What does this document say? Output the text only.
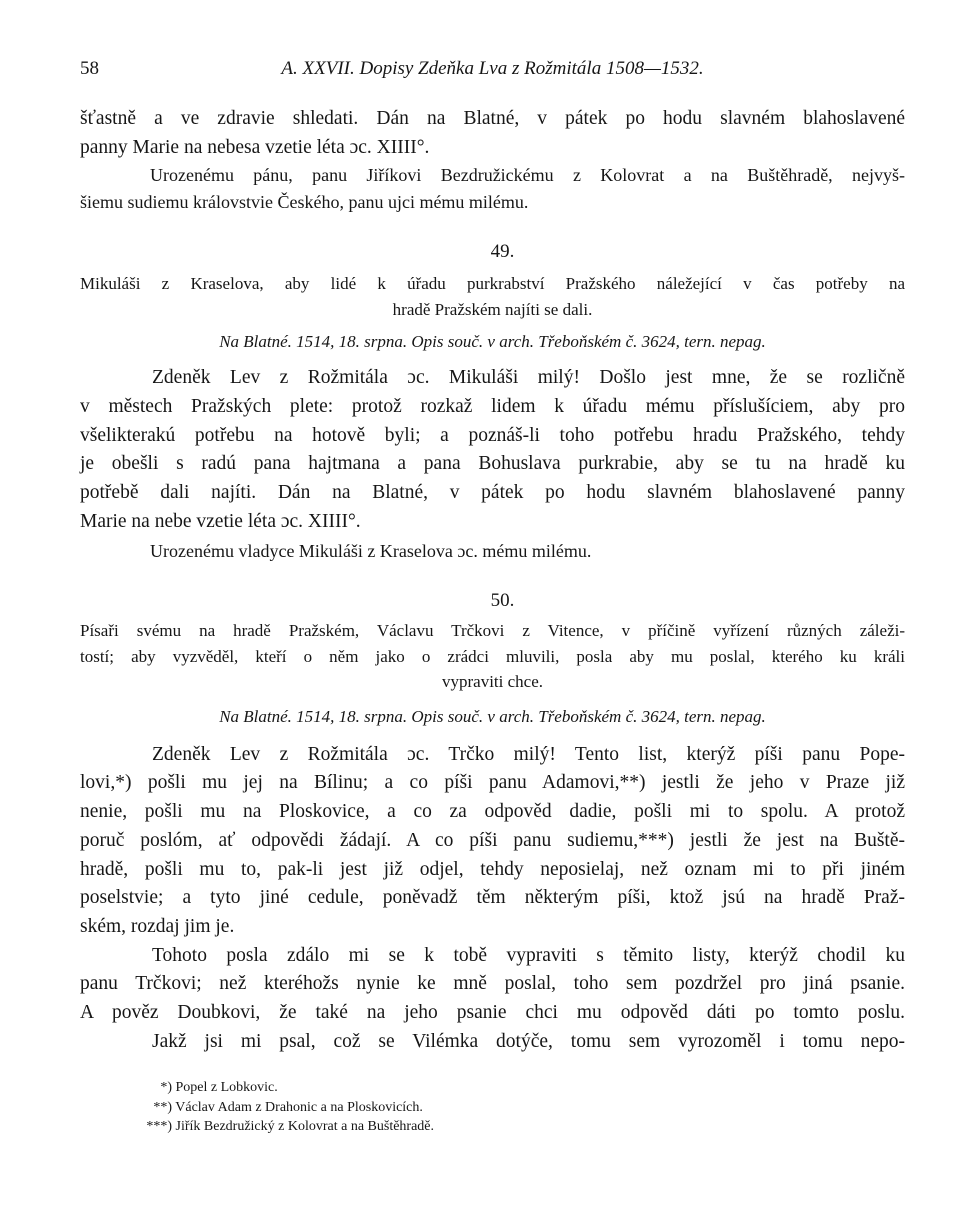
58	A. XXVII. Dopisy Zdeňka Lva z Rožmitála 1508—1532.
šťastně a ve zdravie shledati. Dán na Blatné, v pátek po hodu slavném blahoslavené
panny Marie na nebesa vzetie léta ɔc. XIIII°.
Urozenému pánu, panu Jiříkovi Bezdružickému z Kolovrat a na Buštěhradě, nejvyš-
šiemu sudiemu královstvie Českého, panu ujci mému milému.
49.
Mikuláši z Kraselova, aby lidé k úřadu purkrabství Pražského náležející v čas potřeby na
hradě Pražském najíti se dali.
Na Blatné. 1514, 18. srpna. Opis souč. v arch. Třeboňském č. 3624, tern. nepag.
Zdeněk Lev z Rožmitála ɔc. Mikuláši milý! Došlo jest mne, že se rozličně
v městech Pražských plete: protož rozkaž lidem k úřadu mému příslušíciem, aby pro
všelikterakú potřebu na hotově byli; a poznáš-li toho potřebu hradu Pražského, tehdy
je obešli s radú pana hajtmana a pana Bohuslava purkrabie, aby se tu na hradě ku
potřebě dali najíti. Dán na Blatné, v pátek po hodu slavném blahoslavené panny
Marie na nebe vzetie léta ɔc. XIIII°.
Urozenému vladyce Mikuláši z Kraselova ɔc. mému milému.
50.
Písaři svému na hradě Pražském, Václavu Trčkovi z Vitence, v příčině vyřízení různých záleži-
tostí; aby vyzvěděl, kteří o něm jako o zrádci mluvili, posla aby mu poslal, kterého ku králi
vypraviti chce.
Na Blatné. 1514, 18. srpna. Opis souč. v arch. Třeboňském č. 3624, tern. nepag.
Zdeněk Lev z Rožmitála ɔc. Trčko milý! Tento list, kterýž píši panu Pope-
lovi,*) pošli mu jej na Bílinu; a co píši panu Adamovi,**) jestli že jeho v Praze již
nenie, pošli mu na Ploskovice, a co za odpověd dadie, pošli mi to spolu. A protož
poruč poslóm, ať odpovědi žádají. A co píši panu sudiemu,***) jestli že jest na Buště-
hradě, pošli mu to, pak-li jest již odjel, tehdy neposielaj, než oznam mi to při jiném
poselstvie; a tyto jiné cedule, poněvadž těm některým píši, ktož jsú na hradě Praž-
ském, rozdaj jim je.
Tohoto posla zdálo mi se k tobě vypraviti s těmito listy, kterýž chodil ku
panu Trčkovi; než kteréhožs nynie ke mně poslal, toho sem pozdržel pro jiná psanie.
A pověz Doubkovi, že také na jeho psanie chci mu odpověd dáti po tomto poslu.
Jakž jsi mi psal, což se Vilémka dotýče, tomu sem vyrozoměl i tomu nepo-
*) Popel z Lobkovic.
**) Václav Adam z Drahonic a na Ploskovicích.
***) Jiřík Bezdružický z Kolovrat a na Buštěhradě.
